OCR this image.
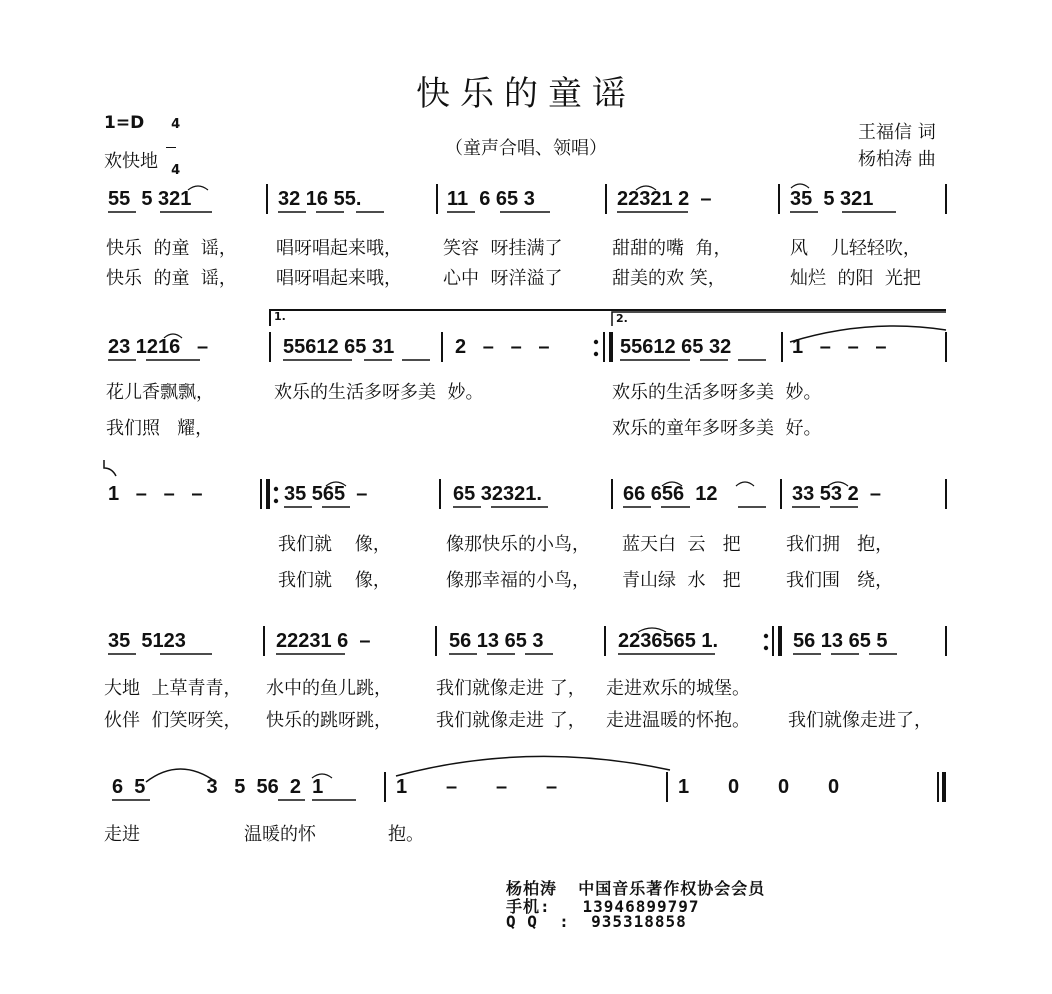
快乐的童谣
（童声合唱、领唱）
1=D	4

4

欢快地
王福信 词
杨柏涛 曲
55  5 321	32 16 55.	11  6 65 3	22321 2  –	35  5 321
快乐  的童  谣， 唱呀唱起来哦， 笑容  呀挂满了	甜甜的嘴  角，	风    儿轻轻吹，
快乐  的童  谣， 唱呀唱起来哦， 心中  呀洋溢了	甜美的欢 笑，	灿烂  的阳  光把
23 1216   –	55612 65 31	2   –   –   –	55612 65 32	1   –   –   –
花儿香飘飘，	欢乐的生活多呀多美  妙。	欢乐的生活多呀多美  妙。
我们照   耀，	欢乐的童年多呀多美  好。
1.	2.
1   –   –   –	35 565  –	65 32321.	66 656  12	33 53 2  –
我们就    像，	像那快乐的小鸟， 蓝天白  云   把	我们拥   抱，
我们就    像，	像那幸福的小鸟， 青山绿  水   把	我们围   绕，
35  5123	22231 6  –	56 13 65 3	2236565 1.	56 13 65 5
大地  上草青青， 水中的鱼儿跳， 我们就像走进 了， 走进欢乐的城堡。
伙伴  们笑呀笑， 快乐的跳呀跳， 我们就像走进 了， 走进温暖的怀抱。 我们就像走进了，
6  5           3   5  56  2  1	1       –       –       –	1       0       0       0
走进	温暖的怀	抱。
杨柏涛  中国音乐著作权协会会员
手机:   13946899797
Q Q  :  935318858
